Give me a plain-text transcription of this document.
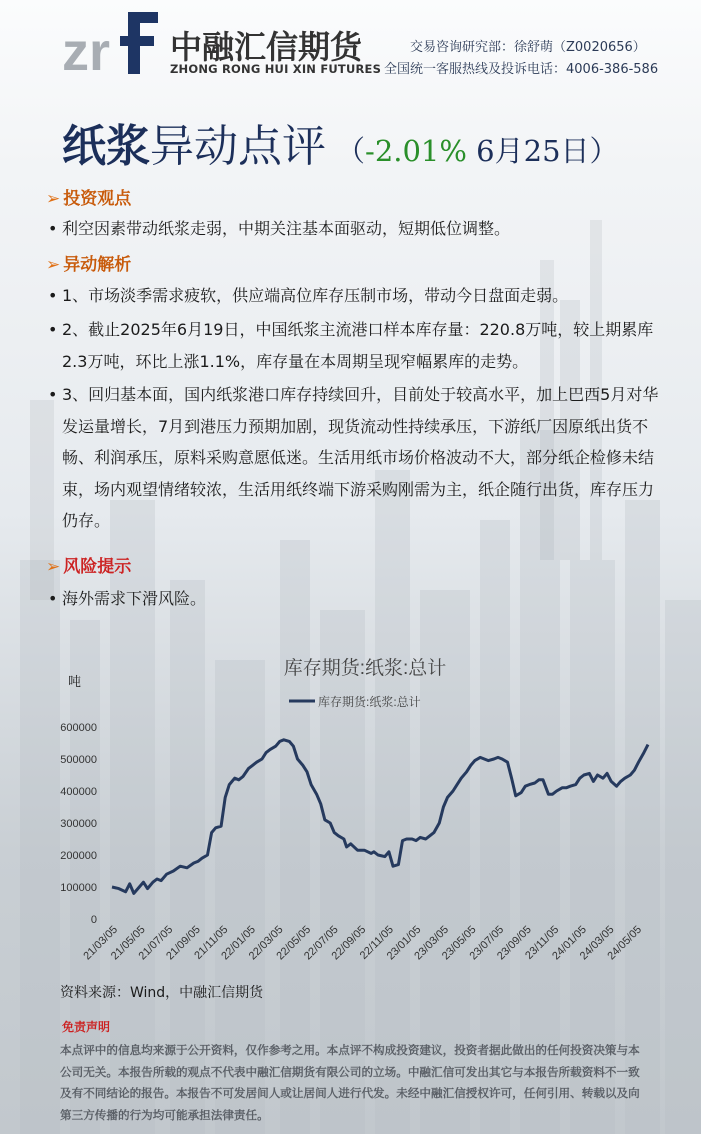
zr 中融汇信期货
ZHONG RONG HUI XIN FUTURES
交易咨询研究部：徐舒萌（Z0020656）
全国统一客服热线及投诉电话：4006-386-586
纸浆异动点评 （-2.01% 6月25日）
➢ 投资观点
• 利空因素带动纸浆走弱，中期关注基本面驱动，短期低位调整。
➢ 异动解析
• 1、市场淡季需求疲软，供应端高位库存压制市场，带动今日盘面走弱。
• 2、截止2025年6月19日，中国纸浆主流港口样本库存量：220.8万吨，较上期累库2.3万吨，环比上涨1.1%，库存量在本周期呈现窄幅累库的走势。
• 3、回归基本面，国内纸浆港口库存持续回升，目前处于较高水平，加上巴西5月对华发运量增长，7月到港压力预期加剧，现货流动性持续承压，下游纸厂因原纸出货不畅、利润承压，原料采购意愿低迷。生活用纸市场价格波动不大，部分纸企检修未结束，场内观望情绪较浓，生活用纸终端下游采购刚需为主，纸企随行出货，库存压力仍存。
➢ 风险提示
• 海外需求下滑风险。
库存期货:纸浆:总计
吨
库存期货:纸浆:总计
0
100000
200000
300000
400000
500000
600000
21/03/05
21/05/05
21/07/05
21/09/05
21/11/05
22/01/05
22/03/05
22/05/05
22/07/05
22/09/05
22/11/05
23/01/05
23/03/05
23/05/05
23/07/05
23/09/05
23/11/05
24/01/05
24/03/05
24/05/05
资料来源：Wind，中融汇信期货
免责声明
本点评中的信息均来源于公开资料，仅作参考之用。本点评不构成投资建议，投资者据此做出的任何投资决策与本公司无关。本报告所载的观点不代表中融汇信期货有限公司的立场。中融汇信可发出其它与本报告所载资料不一致及有不同结论的报告。本报告不可发居间人或让居间人进行代发。未经中融汇信授权许可，任何引用、转载以及向第三方传播的行为均可能承担法律责任。
